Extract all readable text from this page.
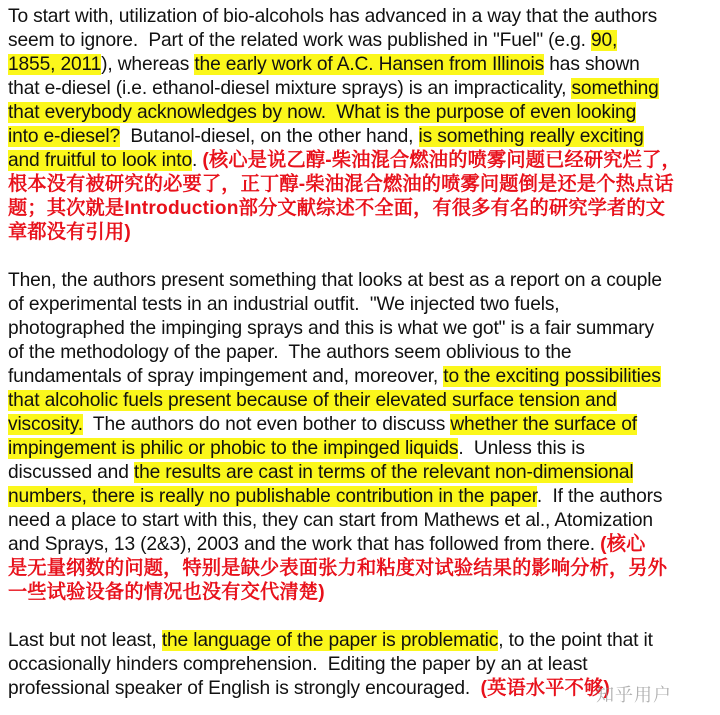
To start with, utilization of bio-alcohols has advanced in a way that the authors
seem to ignore.  Part of the related work was published in "Fuel" (e.g. 90,
1855, 2011), whereas the early work of A.C. Hansen from Illinois has shown
that e-diesel (i.e. ethanol-diesel mixture sprays) is an impracticality, something
that everybody acknowledges by now.  What is the purpose of even looking
into e-diesel?  Butanol-diesel, on the other hand, is something really exciting
and fruitful to look into. (核心是说乙醇-柴油混合燃油的喷雾问题已经研究烂了，
根本没有被研究的必要了，正丁醇-柴油混合燃油的喷雾问题倒是还是个热点话
题；其次就是Introduction部分文献综述不全面，有很多有名的研究学者的文
章都没有引用)
Then, the authors present something that looks at best as a report on a couple
of experimental tests in an industrial outfit.  "We injected two fuels,
photographed the impinging sprays and this is what we got" is a fair summary
of the methodology of the paper.  The authors seem oblivious to the
fundamentals of spray impingement and, moreover, to the exciting possibilities
that alcoholic fuels present because of their elevated surface tension and
viscosity.  The authors do not even bother to discuss whether the surface of
impingement is philic or phobic to the impinged liquids.  Unless this is
discussed and the results are cast in terms of the relevant non-dimensional
numbers, there is really no publishable contribution in the paper.  If the authors
need a place to start with this, they can start from Mathews et al., Atomization
and Sprays, 13 (2&3), 2003 and the work that has followed from there. (核心
是无量纲数的问题，特别是缺少表面张力和粘度对试验结果的影响分析，另外
一些试验设备的情况也没有交代清楚)
Last but not least, the language of the paper is problematic, to the point that it
occasionally hinders comprehension.  Editing the paper by an at least
professional speaker of English is strongly encouraged.  (英语水平不够)
知乎用户
